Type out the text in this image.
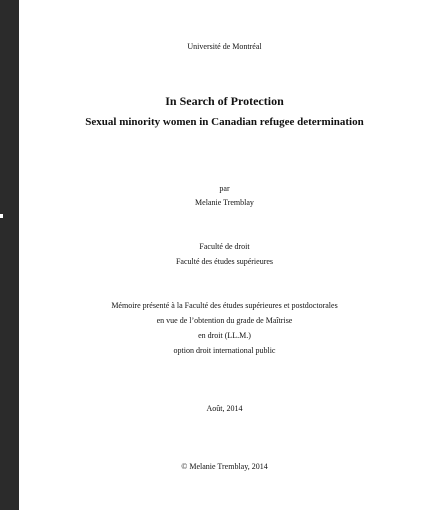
Université de Montréal
In Search of Protection
Sexual minority women in Canadian refugee determination
par
Melanie Tremblay
Faculté de droit
Faculté des études supérieures
Mémoire présenté à la Faculté des études supérieures et postdoctorales
en vue de l’obtention du grade de Maîtrise
en droit (LL.M.)
option droit international public
Août, 2014
© Melanie Tremblay, 2014
